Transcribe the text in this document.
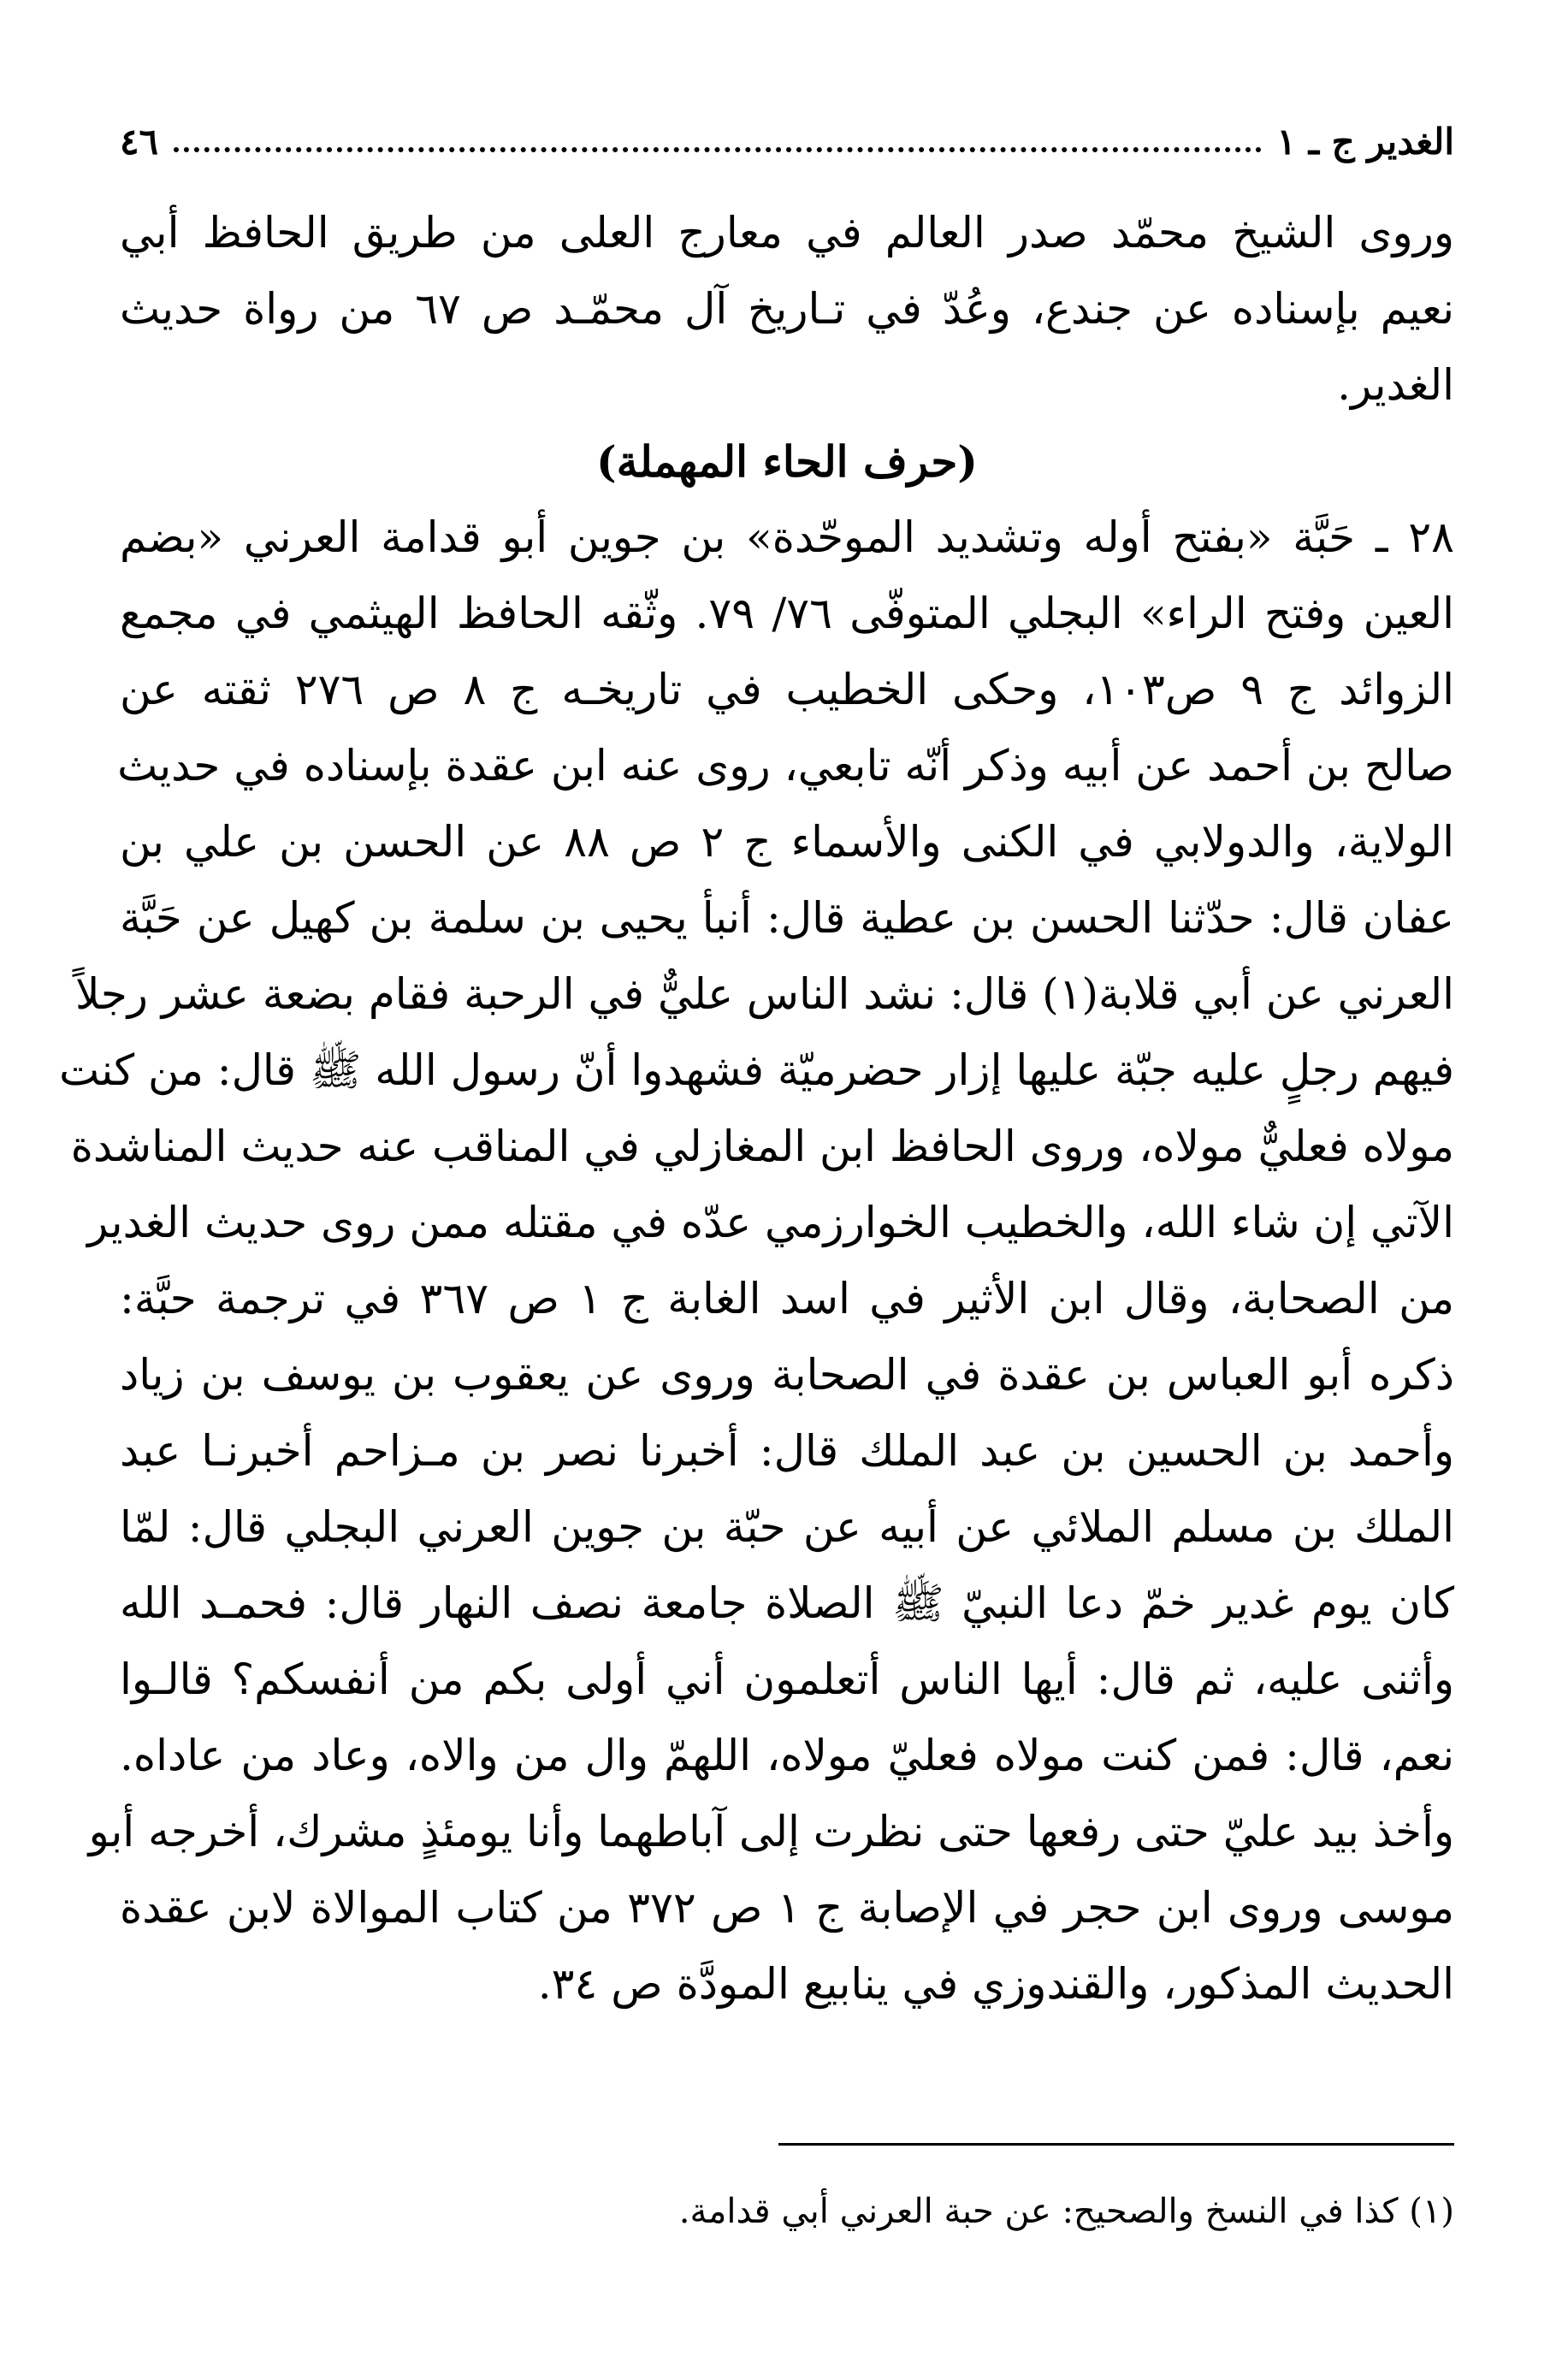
٤٦	الغدير ج ـ ١
وروى الشيخ محمّد صدر العالم في معارج العلى من طريق الحافظ أبي
نعيم بإسناده عن جندع، وعُدّ في تـاريخ آل محمّـد ص ٦٧ من رواة حديث
الغدير.
(حرف الحاء المهملة)
٢٨ ـ حَبَّة «بفتح أوله وتشديد الموحّدة» بن جوين أبو قدامة العرني «بضم
العين وفتح الراء» البجلي المتوفّى ٧٦/ ٧٩. وثّقه الحافظ الهيثمي في مجمع
الزوائد ج ٩ ص١٠٣، وحكى الخطيب في تاريخـه ج ٨ ص ٢٧٦ ثقته عن
صالح بن أحمد عن أبيه وذكر أنّه تابعي، روى عنه ابن عقدة بإسناده في حديث
الولاية، والدولابي في الكنى والأسماء ج ٢ ص ٨٨ عن الحسن بن علي بن
عفان قال: حدّثنا الحسن بن عطية قال: أنبأ يحيى بن سلمة بن كهيل عن حَبَّة
العرني عن أبي قلابة(١) قال: نشد الناس عليٌّ في الرحبة فقام بضعة عشر رجلاً
فيهم رجلٍ عليه جبّة عليها إزار حضرميّة فشهدوا أنّ رسول الله ﷺ قال: من كنت
مولاه فعليٌّ مولاه، وروى الحافظ ابن المغازلي في المناقب عنه حديث المناشدة
الآتي إن شاء الله، والخطيب الخوارزمي عدّه في مقتله ممن روى حديث الغدير
من الصحابة، وقال ابن الأثير في اسد الغابة ج ١ ص ٣٦٧ في ترجمة حبَّة:
ذكره أبو العباس بن عقدة في الصحابة وروى عن يعقوب بن يوسف بن زياد
وأحمد بن الحسين بن عبد الملك قال: أخبرنا نصر بن مـزاحم أخبرنـا عبد
الملك بن مسلم الملائي عن أبيه عن حبّة بن جوين العرني البجلي قال: لمّا
كان يوم غدير خمّ دعا النبيّ ﷺ الصلاة جامعة نصف النهار قال: فحمـد الله
وأثنى عليه، ثم قال: أيها الناس أتعلمون أني أولى بكم من أنفسكم؟ قالـوا
نعم، قال: فمن كنت مولاه فعليّ مولاه، اللهمّ وال من والاه، وعاد من عاداه.
وأخذ بيد عليّ حتى رفعها حتى نظرت إلى آباطهما وأنا يومئذٍ مشرك، أخرجه أبو
موسى وروى ابن حجر في الإصابة ج ١ ص ٣٧٢ من كتاب الموالاة لابن عقدة
الحديث المذكور، والقندوزي في ينابيع المودَّة ص ٣٤.
(١) كذا في النسخ والصحيح: عن حبة العرني أبي قدامة.
